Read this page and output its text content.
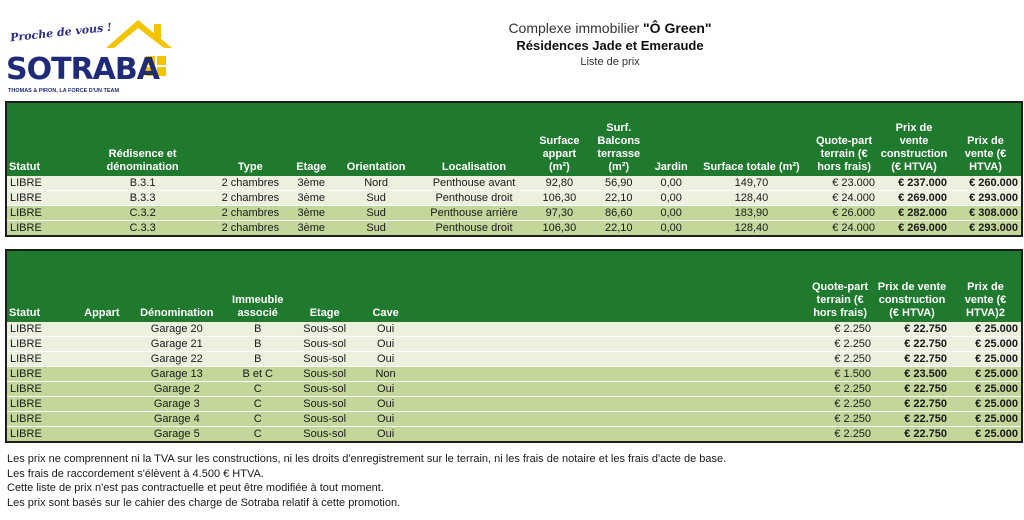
Proche de vous !
SOTRABA
THOMAS & PIRON, LA FORCE D'UN TEAM
Complexe immobilier "Ô Green"
Résidences Jade et Emeraude
Liste de prix
Statut	Rédisence et dénomination	Type	Etage	Orientation	Localisation	Surface appart (m²)	Surf. Balcons terrasse (m²)	Jardin	Surface totale (m²)	Quote-part terrain (€ hors frais)	Prix de vente construction (€ HTVA)	Prix de vente (€ HTVA)
LIBRE	B.3.1	2 chambres	3ème	Nord	Penthouse avant	92,80	56,90	0,00	149,70	€ 23.000	€ 237.000	€ 260.000
LIBRE	B.3.3	2 chambres	3ème	Sud	Penthouse droit	106,30	22,10	0,00	128,40	€ 24.000	€ 269.000	€ 293.000
LIBRE	C.3.2	2 chambres	3ème	Sud	Penthouse arrière	97,30	86,60	0,00	183,90	€ 26.000	€ 282.000	€ 308.000
LIBRE	C.3.3	2 chambres	3ème	Sud	Penthouse droit	106,30	22,10	0,00	128,40	€ 24.000	€ 269.000	€ 293.000
Statut	Appart	Dénomination	Immeuble associé	Etage	Cave		Quote-part terrain (€ hors frais)	Prix de vente construction (€ HTVA)	Prix de vente (€ HTVA)2
LIBRE		Garage 20	B	Sous-sol	Oui		€ 2.250	€ 22.750	€ 25.000
LIBRE		Garage 21	B	Sous-sol	Oui		€ 2.250	€ 22.750	€ 25.000
LIBRE		Garage 22	B	Sous-sol	Oui		€ 2.250	€ 22.750	€ 25.000
LIBRE		Garage 13	B et C	Sous-sol	Non		€ 1.500	€ 23.500	€ 25.000
LIBRE		Garage 2	C	Sous-sol	Oui		€ 2.250	€ 22.750	€ 25.000
LIBRE		Garage 3	C	Sous-sol	Oui		€ 2.250	€ 22.750	€ 25.000
LIBRE		Garage 4	C	Sous-sol	Oui		€ 2.250	€ 22.750	€ 25.000
LIBRE		Garage 5	C	Sous-sol	Oui		€ 2.250	€ 22.750	€ 25.000
Les prix ne comprennent ni la TVA sur les constructions, ni les droits d'enregistrement sur le terrain, ni les frais de notaire et les frais d'acte de base.
Les frais de raccordement s'élèvent à 4.500 € HTVA.
Cette liste de prix n'est pas contractuelle et peut être modifiée à tout moment.
Les prix sont basés sur le cahier des charge de Sotraba relatif à cette promotion.
